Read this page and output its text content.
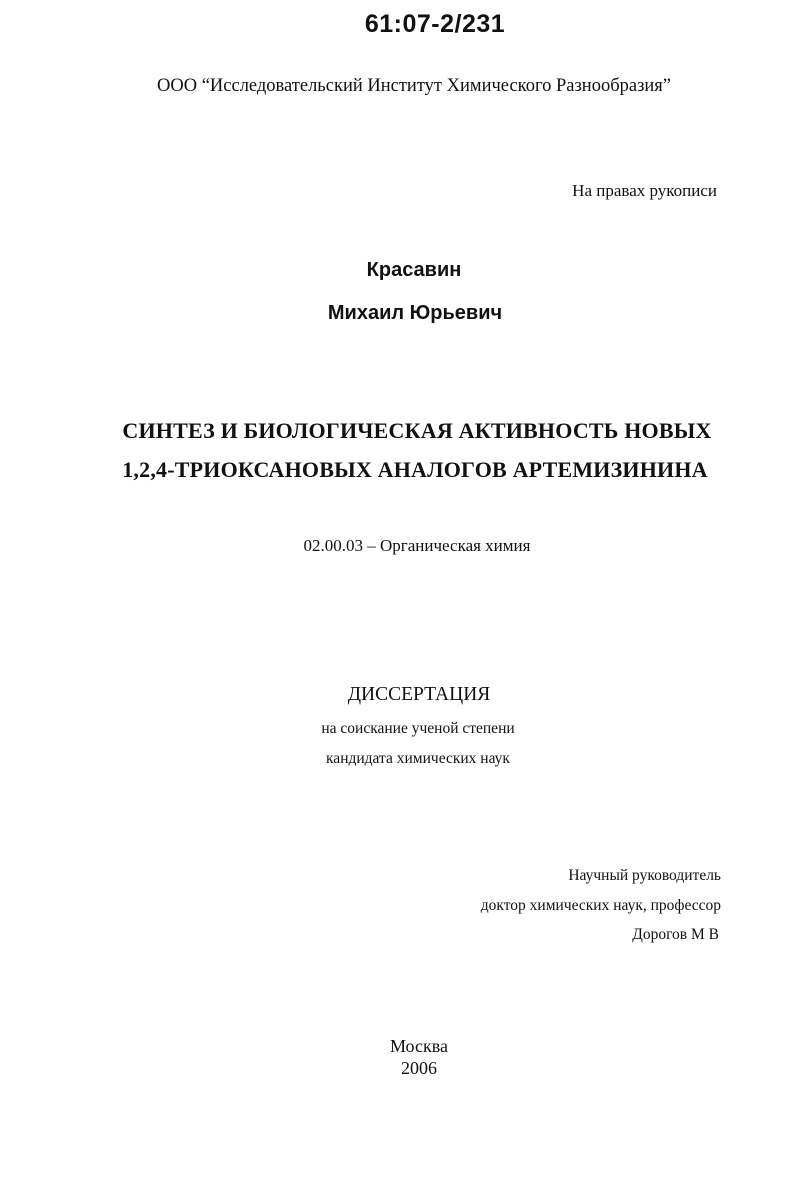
61:07-2/231
ООО “Исследовательский Институт Химического Разнообразия”
На правах рукописи
Красавин
Михаил Юрьевич
СИНТЕЗ И БИОЛОГИЧЕСКАЯ АКТИВНОСТЬ НОВЫХ
1,2,4-ТРИОКСАНОВЫХ АНАЛОГОВ АРТЕМИЗИНИНА
02.00.03 – Органическая химия
ДИССЕРТАЦИЯ
на соискание ученой степени
кандидата химических наук
Научный руководитель
доктор химических наук, профессор
Дорогов М В
Москва
2006
